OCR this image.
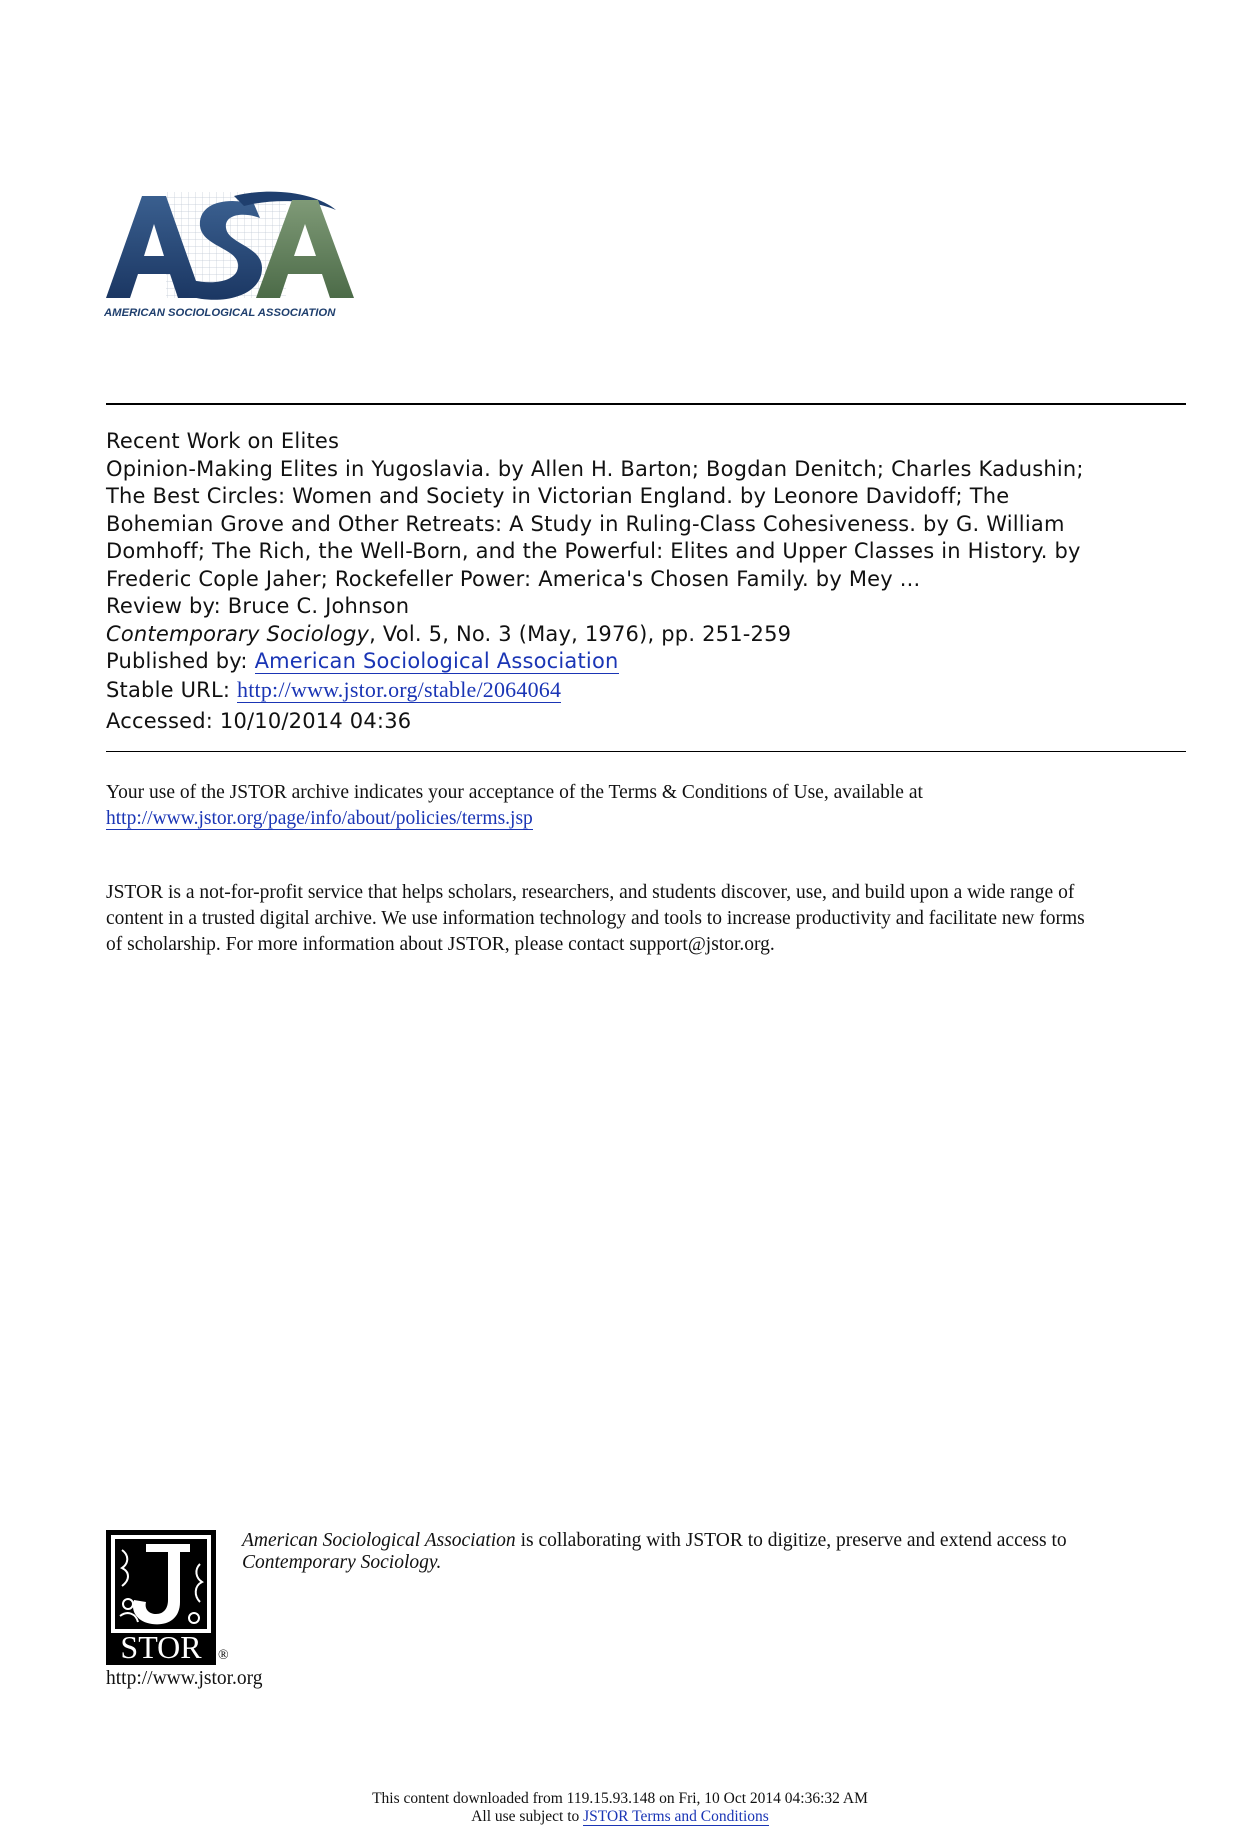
AMERICAN SOCIOLOGICAL ASSOCIATION
Recent Work on Elites
Opinion-Making Elites in Yugoslavia. by Allen H. Barton; Bogdan Denitch; Charles Kadushin;
The Best Circles: Women and Society in Victorian England. by Leonore Davidoff; The
Bohemian Grove and Other Retreats: A Study in Ruling-Class Cohesiveness. by G. William
Domhoff; The Rich, the Well-Born, and the Powerful: Elites and Upper Classes in History. by
Frederic Cople Jaher; Rockefeller Power: America's Chosen Family. by Mey ...
Review by: Bruce C. Johnson
Contemporary Sociology, Vol. 5, No. 3 (May, 1976), pp. 251-259
Published by: American Sociological Association
Stable URL: http://www.jstor.org/stable/2064064
Accessed: 10/10/2014 04:36
Your use of the JSTOR archive indicates your acceptance of the Terms & Conditions of Use, available at
http://www.jstor.org/page/info/about/policies/terms.jsp
JSTOR is a not-for-profit service that helps scholars, researchers, and students discover, use, and build upon a wide range of
content in a trusted digital archive. We use information technology and tools to increase productivity and facilitate new forms
of scholarship. For more information about JSTOR, please contact support@jstor.org.
STOR ®
http://www.jstor.org
American Sociological Association is collaborating with JSTOR to digitize, preserve and extend access to
Contemporary Sociology.
This content downloaded from 119.15.93.148 on Fri, 10 Oct 2014 04:36:32 AM
All use subject to JSTOR Terms and Conditions
